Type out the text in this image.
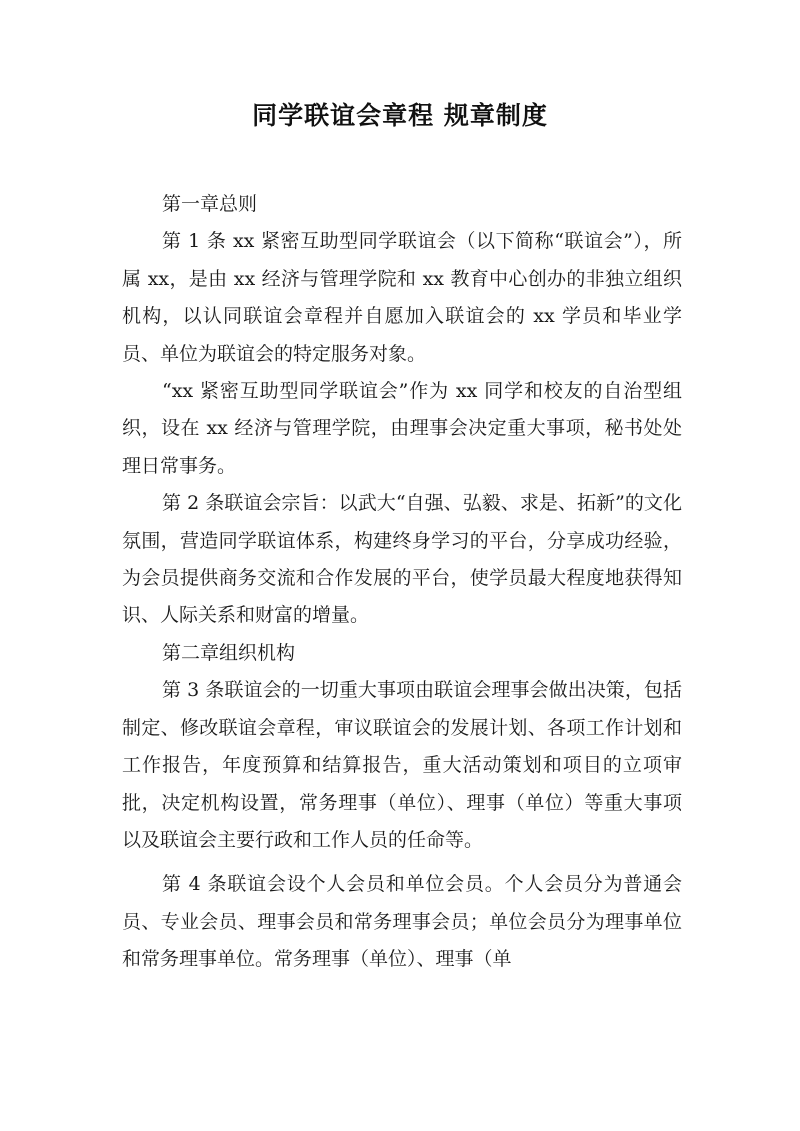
同学联谊会章程 规章制度

第一章总则

第 1 条 xx 紧密互助型同学联谊会（以下简称“联谊会”），所属 xx，是由 xx 经济与管理学院和 xx 教育中心创办的非独立组织机构，以认同联谊会章程并自愿加入联谊会的 xx 学员和毕业学员、单位为联谊会的特定服务对象。

“xx 紧密互助型同学联谊会”作为 xx 同学和校友的自治型组织，设在 xx 经济与管理学院，由理事会决定重大事项，秘书处处理日常事务。

第 2 条联谊会宗旨：以武大“自强、弘毅、求是、拓新”的文化氛围，营造同学联谊体系，构建终身学习的平台，分享成功经验，为会员提供商务交流和合作发展的平台，使学员最大程度地获得知识、人际关系和财富的增量。

第二章组织机构

第 3 条联谊会的一切重大事项由联谊会理事会做出决策，包括制定、修改联谊会章程，审议联谊会的发展计划、各项工作计划和工作报告，年度预算和结算报告，重大活动策划和项目的立项审批，决定机构设置，常务理事（单位）、理事（单位）等重大事项以及联谊会主要行政和工作人员的任命等。

第 4 条联谊会设个人会员和单位会员。个人会员分为普通会员、专业会员、理事会员和常务理事会员；单位会员分为理事单位和常务理事单位。常务理事（单位）、理事（单
